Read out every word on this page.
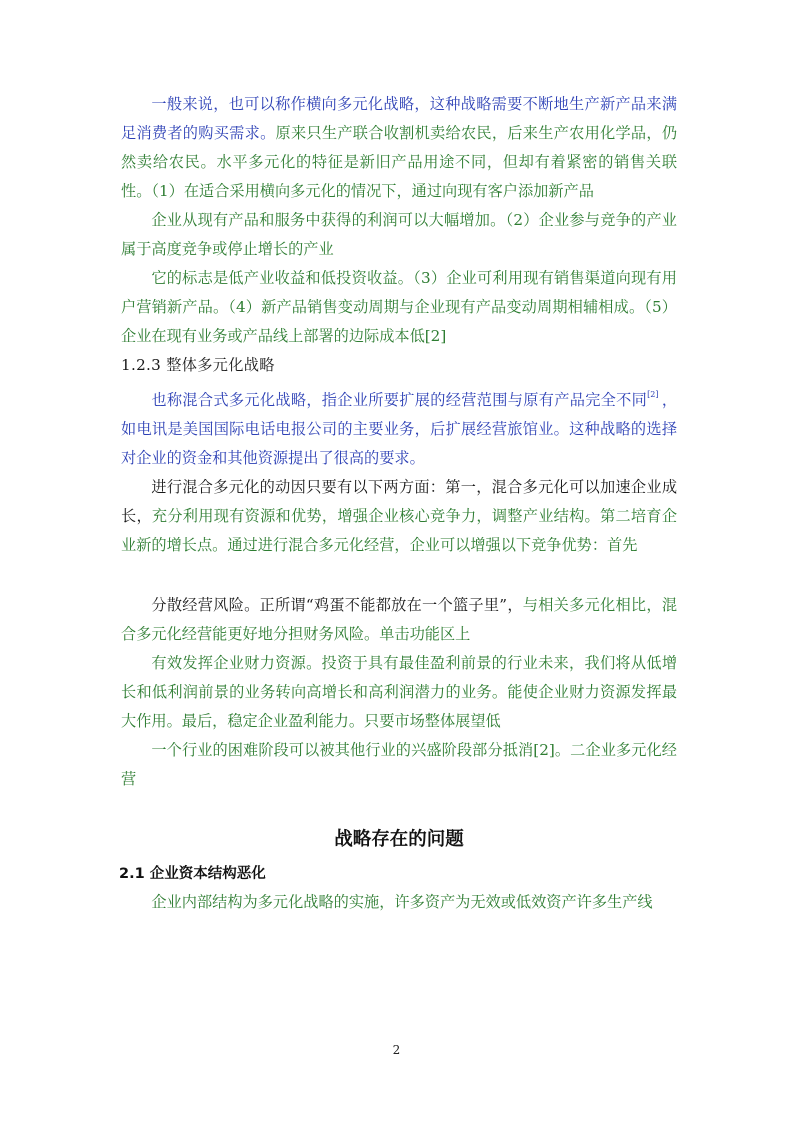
一般来说，也可以称作横向多元化战略，这种战略需要不断地生产新产品来满足消费者的购买需求。原来只生产联合收割机卖给农民，后来生产农用化学品，仍然卖给农民。水平多元化的特征是新旧产品用途不同，但却有着紧密的销售关联性。（1）在适合采用横向多元化的情况下，通过向现有客户添加新产品

企业从现有产品和服务中获得的利润可以大幅增加。（2）企业参与竞争的产业属于高度竞争或停止增长的产业

它的标志是低产业收益和低投资收益。（3）企业可利用现有销售渠道向现有用户营销新产品。（4）新产品销售变动周期与企业现有产品变动周期相辅相成。（5）企业在现有业务或产品线上部署的边际成本低[2]

1.2.3 整体多元化战略

也称混合式多元化战略，指企业所要扩展的经营范围与原有产品完全不同[2] ，如电讯是美国国际电话电报公司的主要业务，后扩展经营旅馆业。这种战略的选择对企业的资金和其他资源提出了很高的要求。

进行混合多元化的动因只要有以下两方面：第一，混合多元化可以加速企业成长，充分利用现有资源和优势，增强企业核心竞争力，调整产业结构。第二培育企业新的增长点。通过进行混合多元化经营，企业可以增强以下竞争优势：首先

分散经营风险。正所谓“鸡蛋不能都放在一个篮子里”，与相关多元化相比，混合多元化经营能更好地分担财务风险。单击功能区上

有效发挥企业财力资源。投资于具有最佳盈利前景的行业未来，我们将从低增长和低利润前景的业务转向高增长和高利润潜力的业务。能使企业财力资源发挥最大作用。最后，稳定企业盈利能力。只要市场整体展望低

一个行业的困难阶段可以被其他行业的兴盛阶段部分抵消[2]。二企业多元化经营

战略存在的问题
2.1 企业资本结构恶化

企业内部结构为多元化战略的实施，许多资产为无效或低效资产许多生产线

2
